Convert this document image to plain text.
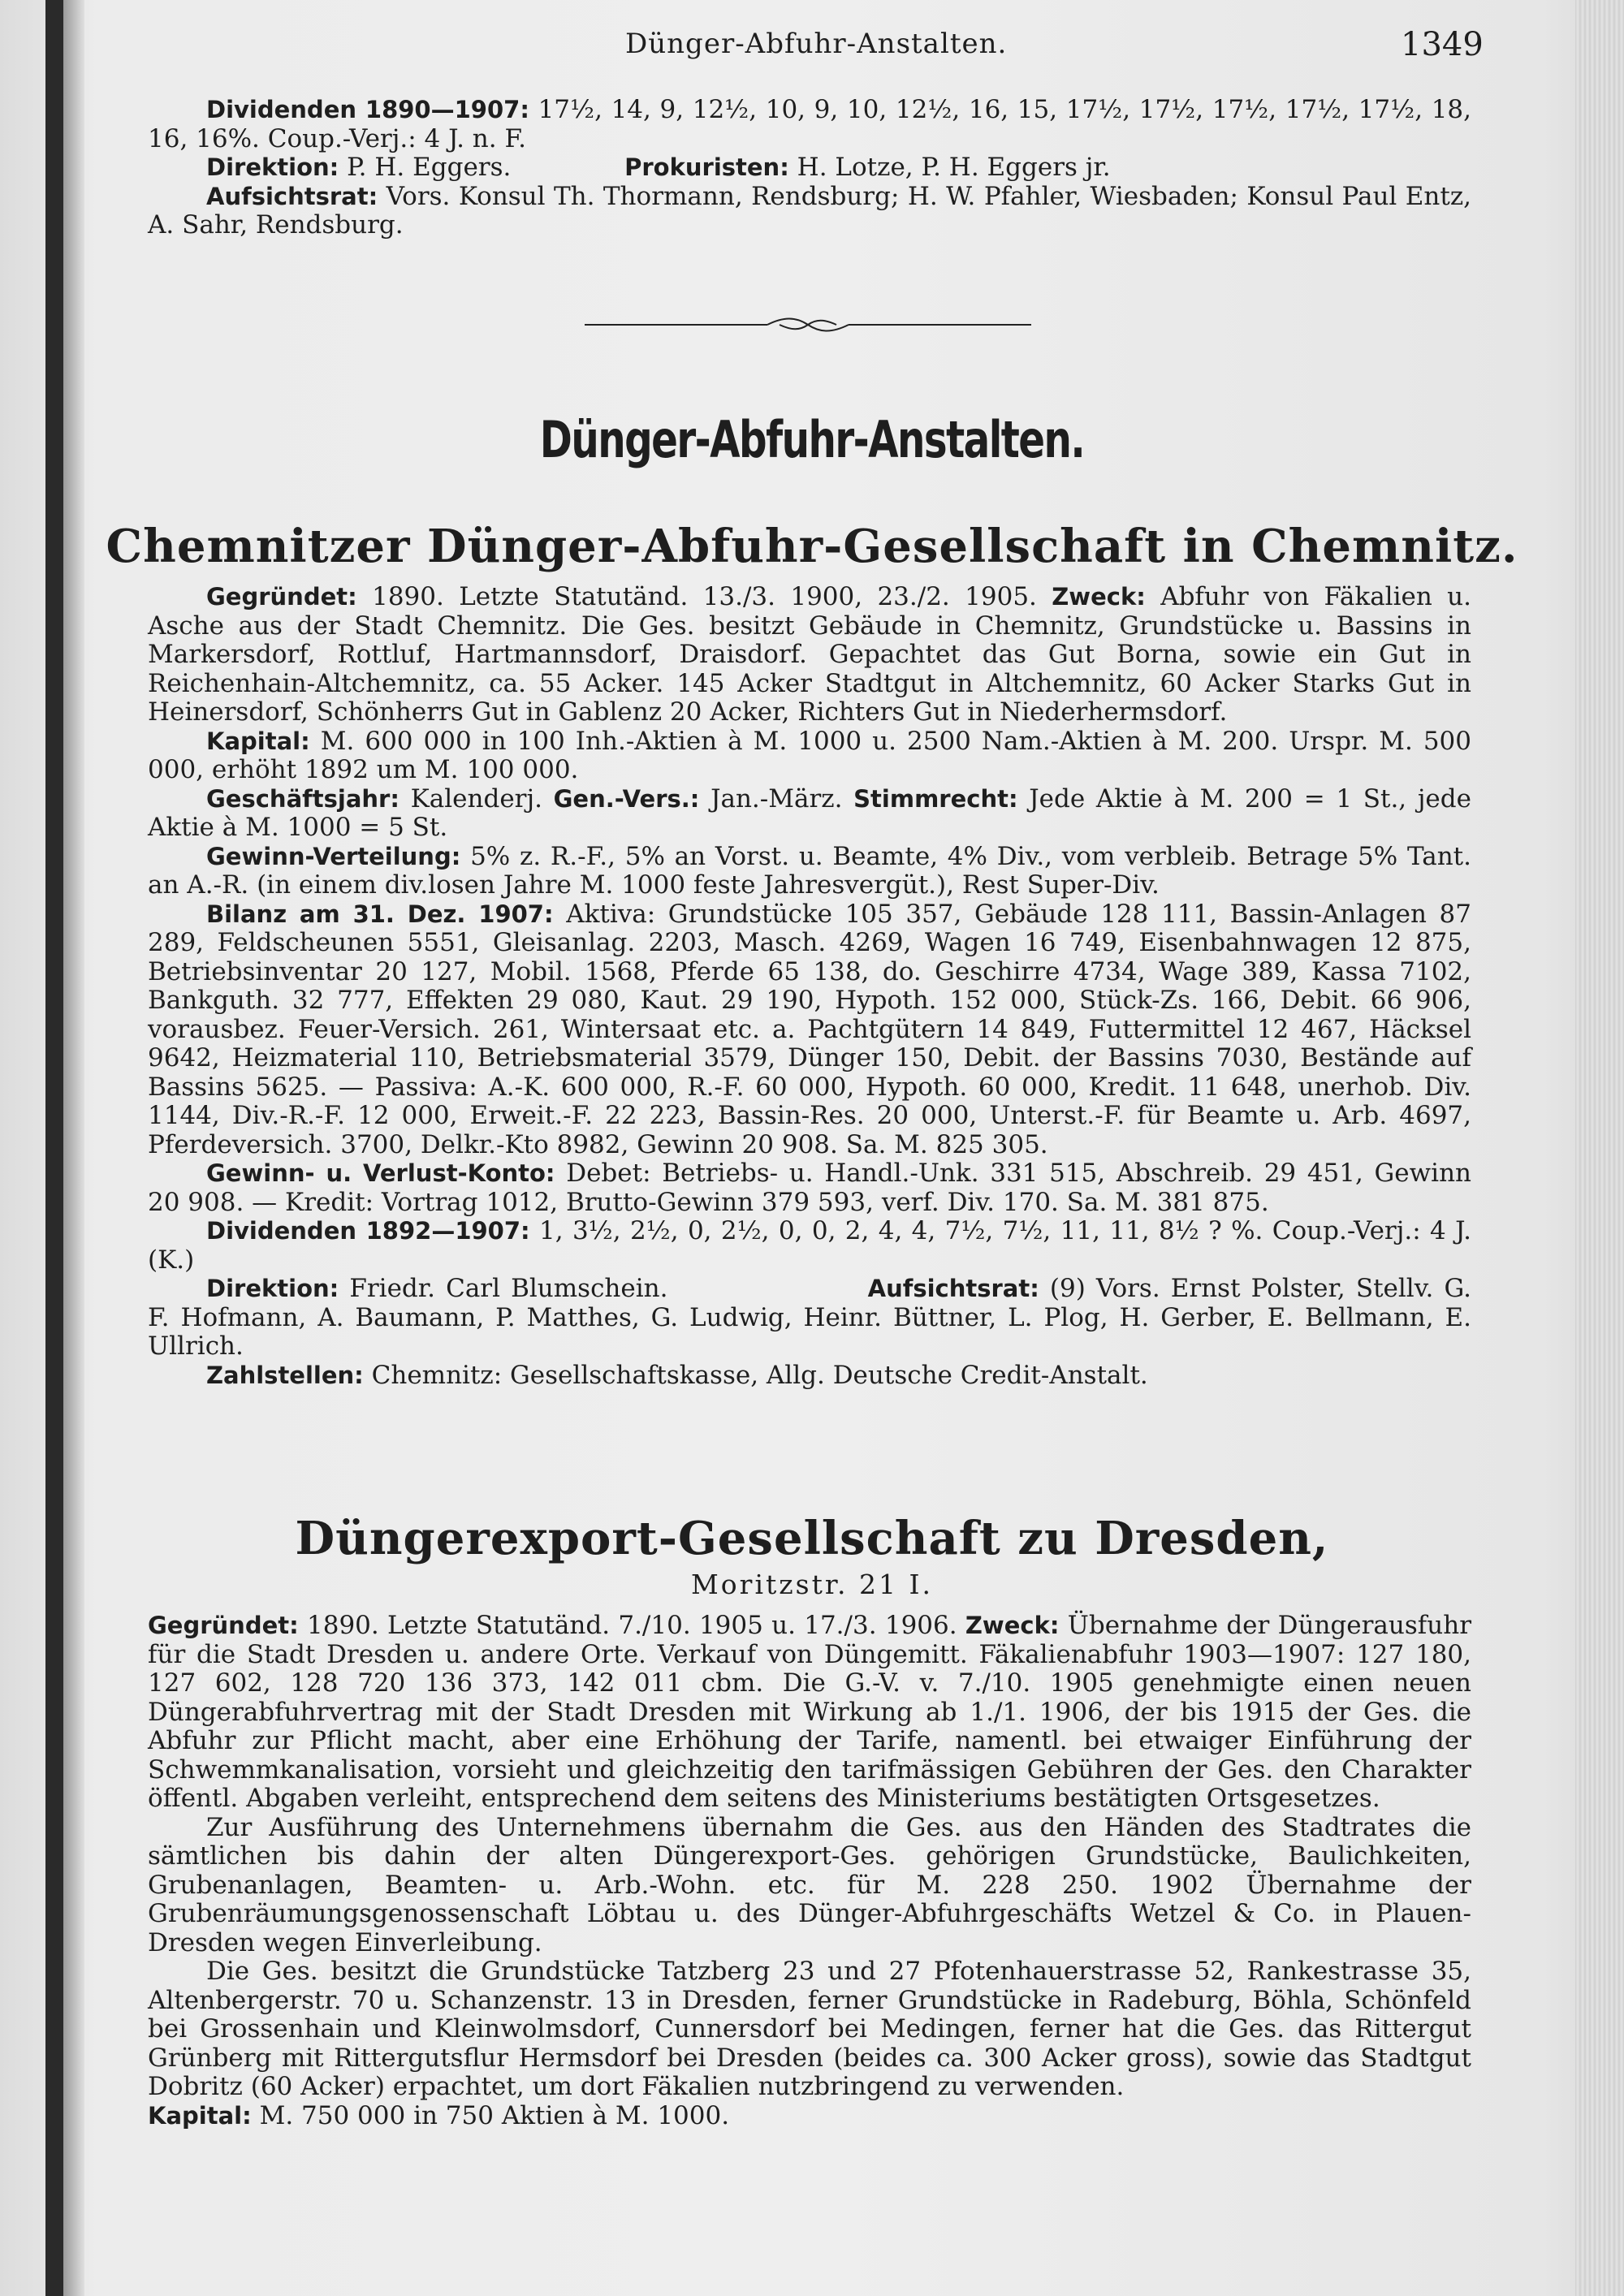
Dünger-Abfuhr-Anstalten.	1349
Dividenden 1890—1907: 17½, 14, 9, 12½, 10, 9, 10, 12½, 16, 15, 17½, 17½, 17½, 17½, 17½, 18, 16, 16%. Coup.-Verj.: 4 J. n. F.
Direktion: P. H. Eggers.	Prokuristen: H. Lotze, P. H. Eggers jr.
Aufsichtsrat: Vors. Konsul Th. Thormann, Rendsburg; H. W. Pfahler, Wiesbaden; Konsul Paul Entz, A. Sahr, Rendsburg.
Dünger-Abfuhr-Anstalten.
Chemnitzer Dünger-Abfuhr-Gesellschaft in Chemnitz.
Gegründet: 1890. Letzte Statutänd. 13./3. 1900, 23./2. 1905. Zweck: Abfuhr von Fäkalien u. Asche aus der Stadt Chemnitz. Die Ges. besitzt Gebäude in Chemnitz, Grundstücke u. Bassins in Markersdorf, Rottluf, Hartmannsdorf, Draisdorf. Gepachtet das Gut Borna, sowie ein Gut in Reichenhain-Altchemnitz, ca. 55 Acker. 145 Acker Stadtgut in Altchemnitz, 60 Acker Starks Gut in Heinersdorf, Schönherrs Gut in Gablenz 20 Acker, Richters Gut in Niederhermsdorf.
Kapital: M. 600 000 in 100 Inh.-Aktien à M. 1000 u. 2500 Nam.-Aktien à M. 200. Urspr. M. 500 000, erhöht 1892 um M. 100 000.
Geschäftsjahr: Kalenderj. Gen.-Vers.: Jan.-März. Stimmrecht: Jede Aktie à M. 200 = 1 St., jede Aktie à M. 1000 = 5 St.
Gewinn-Verteilung: 5% z. R.-F., 5% an Vorst. u. Beamte, 4% Div., vom verbleib. Betrage 5% Tant. an A.-R. (in einem div.losen Jahre M. 1000 feste Jahresvergüt.), Rest Super-Div.
Bilanz am 31. Dez. 1907: Aktiva: Grundstücke 105 357, Gebäude 128 111, Bassin-Anlagen 87 289, Feldscheunen 5551, Gleisanlag. 2203, Masch. 4269, Wagen 16 749, Eisenbahnwagen 12 875, Betriebsinventar 20 127, Mobil. 1568, Pferde 65 138, do. Geschirre 4734, Wage 389, Kassa 7102, Bankguth. 32 777, Effekten 29 080, Kaut. 29 190, Hypoth. 152 000, Stück-Zs. 166, Debit. 66 906, vorausbez. Feuer-Versich. 261, Wintersaat etc. a. Pachtgütern 14 849, Futtermittel 12 467, Häcksel 9642, Heizmaterial 110, Betriebsmaterial 3579, Dünger 150, Debit. der Bassins 7030, Bestände auf Bassins 5625. — Passiva: A.-K. 600 000, R.-F. 60 000, Hypoth. 60 000, Kredit. 11 648, unerhob. Div. 1144, Div.-R.-F. 12 000, Erweit.-F. 22 223, Bassin-Res. 20 000, Unterst.-F. für Beamte u. Arb. 4697, Pferdeversich. 3700, Delkr.-Kto 8982, Gewinn 20 908. Sa. M. 825 305.
Gewinn- u. Verlust-Konto: Debet: Betriebs- u. Handl.-Unk. 331 515, Abschreib. 29 451, Gewinn 20 908. — Kredit: Vortrag 1012, Brutto-Gewinn 379 593, verf. Div. 170. Sa. M. 381 875.
Dividenden 1892—1907: 1, 3½, 2½, 0, 2½, 0, 0, 2, 4, 4, 7½, 7½, 11, 11, 8½ ? %. Coup.-Verj.: 4 J. (K.)
Direktion: Friedr. Carl Blumschein.	Aufsichtsrat: (9) Vors. Ernst Polster, Stellv. G. F. Hofmann, A. Baumann, P. Matthes, G. Ludwig, Heinr. Büttner, L. Plog, H. Gerber, E. Bellmann, E. Ullrich.
Zahlstellen: Chemnitz: Gesellschaftskasse, Allg. Deutsche Credit-Anstalt.
Düngerexport-Gesellschaft zu Dresden,
Moritzstr. 21 I.
Gegründet: 1890. Letzte Statutänd. 7./10. 1905 u. 17./3. 1906. Zweck: Übernahme der Düngerausfuhr für die Stadt Dresden u. andere Orte. Verkauf von Düngemitt. Fäkalienabfuhr 1903—1907: 127 180, 127 602, 128 720 136 373, 142 011 cbm. Die G.-V. v. 7./10. 1905 genehmigte einen neuen Düngerabfuhrvertrag mit der Stadt Dresden mit Wirkung ab 1./1. 1906, der bis 1915 der Ges. die Abfuhr zur Pflicht macht, aber eine Erhöhung der Tarife, namentl. bei etwaiger Einführung der Schwemmkanalisation, vorsieht und gleichzeitig den tarifmässigen Gebühren der Ges. den Charakter öffentl. Abgaben verleiht, entsprechend dem seitens des Ministeriums bestätigten Ortsgesetzes.
Zur Ausführung des Unternehmens übernahm die Ges. aus den Händen des Stadtrates die sämtlichen bis dahin der alten Düngerexport-Ges. gehörigen Grundstücke, Baulichkeiten, Grubenanlagen, Beamten- u. Arb.-Wohn. etc. für M. 228 250. 1902 Übernahme der Grubenräumungsgenossenschaft Löbtau u. des Dünger-Abfuhrgeschäfts Wetzel & Co. in Plauen-Dresden wegen Einverleibung.
Die Ges. besitzt die Grundstücke Tatzberg 23 und 27 Pfotenhauerstrasse 52, Rankestrasse 35, Altenbergerstr. 70 u. Schanzenstr. 13 in Dresden, ferner Grundstücke in Radeburg, Böhla, Schönfeld bei Grossenhain und Kleinwolmsdorf, Cunnersdorf bei Medingen, ferner hat die Ges. das Rittergut Grünberg mit Rittergutsflur Hermsdorf bei Dresden (beides ca. 300 Acker gross), sowie das Stadtgut Dobritz (60 Acker) erpachtet, um dort Fäkalien nutzbringend zu verwenden.
Kapital: M. 750 000 in 750 Aktien à M. 1000.
